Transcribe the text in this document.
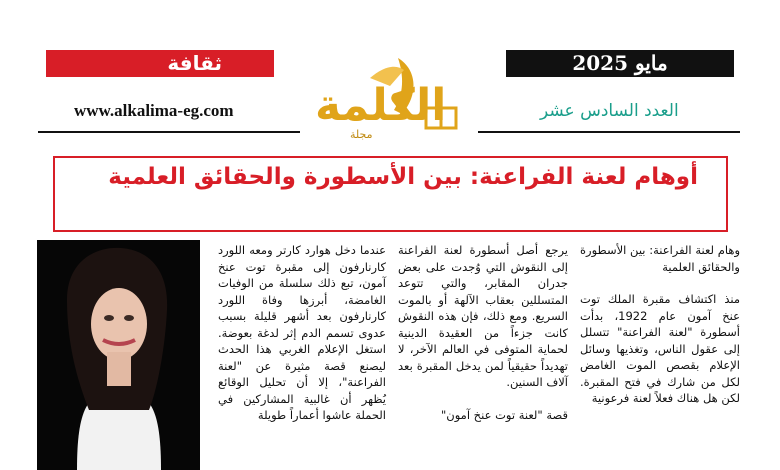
ثقافة	مايو 2025
www.alkalima-eg.com الكلمة
مجلة
العدد السادس عشر
أوهام لعنة الفراعنة: بين الأسطورة والحقائق العلمية

وهام لعنة الفراعنة: بين الأسطورة والحقائق العلمية

منذ اكتشاف مقبرة الملك توت عنخ آمون عام 1922، بدأت أسطورة "لعنة الفراعنة" تتسلل إلى عقول الناس، وتغذيها وسائل الإعلام بقصص الموت الغامض لكل من شارك في فتح المقبرة. لكن هل هناك فعلاً لعنة فرعونية

يرجع أصل أسطورة لعنة الفراعنة إلى النقوش التي وُجدت على بعض جدران المقابر، والتي تتوعد المتسللين بعقاب الآلهة أو بالموت السريع. ومع ذلك، فإن هذه النقوش كانت جزءاً من العقيدة الدينية لحماية المتوفى في العالم الآخر، لا تهديداً حقيقياً لمن يدخل المقبرة بعد آلاف السنين.

قصة "لعنة توت عنخ آمون"

عندما دخل هوارد كارتر ومعه اللورد كارنارفون إلى مقبرة توت عنخ آمون، تبع ذلك سلسلة من الوفيات الغامضة، أبرزها وفاة اللورد كارنارفون بعد أشهر قليلة بسبب عدوى تسمم الدم إثر لدغة بعوضة. استغل الإعلام الغربي هذا الحدث ليصنع قصة مثيرة عن "لعنة الفراعنة"، إلا أن تحليل الوقائع يُظهر أن غالبية المشاركين في الحملة عاشوا أعماراً طويلة
